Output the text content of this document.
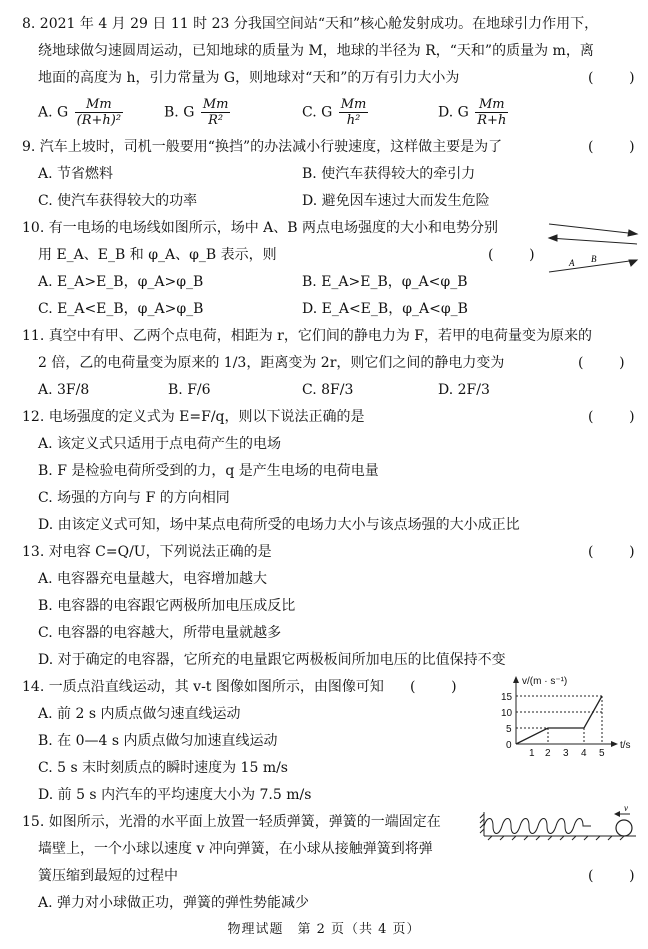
8. 2021 年 4 月 29 日 11 时 23 分我国空间站“天和”核心舱发射成功。在地球引力作用下，
绕地球做匀速圆周运动，已知地球的质量为 M，地球的半径为 R，“天和”的质量为 m，离
地面的高度为 h，引力常量为 G，则地球对“天和”的万有引力大小为	(        )
A. G $\frac{Mm}{\text{(R+h)²}}$	B. G $\frac{Mm}{\text{R²}}$	C. G $\frac{Mm}{\text{h²}}$	D. G $\frac{Mm}{R+h}$
9. 汽车上坡时，司机一般要用“换挡”的办法减小行驶速度，这样做主要是为了	(        )
A. 节省燃料	B. 使汽车获得较大的牵引力
C. 使汽车获得较大的功率	D. 避免因车速过大而发生危险
10. 有一电场的电场线如图所示，场中 A、B 两点电场强度的大小和电势分别
用 E_A、E_B 和 φ_A、φ_B 表示，则	(        )
A. E_A>E_B，φ_A>φ_B	B. E_A>E_B，φ_A<φ_B
C. E_A<E_B，φ_A>φ_B	D. E_A<E_B，φ_A<φ_B
A B
11. 真空中有甲、乙两个点电荷，相距为 r，它们间的静电力为 F，若甲的电荷量变为原来的
2 倍，乙的电荷量变为原来的 1/3，距离变为 2r，则它们之间的静电力变为	(        )
A. 3F/8	B. F/6	C. 8F/3	D. 2F/3
12. 电场强度的定义式为 E=F/q，则以下说法正确的是	(        )
A. 该定义式只适用于点电荷产生的电场
B. F 是检验电荷所受到的力，q 是产生电场的电荷电量
C. 场强的方向与 F 的方向相同
D. 由该定义式可知，场中某点电荷所受的电场力大小与该点场强的大小成正比
13. 对电容 C=Q/U，下列说法正确的是	(        )
A. 电容器充电量越大，电容增加越大
B. 电容器的电容跟它两极所加电压成反比
C. 电容器的电容越大，所带电量就越多
D. 对于确定的电容器，它所充的电量跟它两极板间所加电压的比值保持不变
14. 一质点沿直线运动，其 v-t 图像如图所示，由图像可知 (        )
A. 前 2 s 内质点做匀速直线运动
B. 在 0—4 s 内质点做匀加速直线运动
C. 5 s 末时刻质点的瞬时速度为 15 m/s
D. 前 5 s 内汽车的平均速度大小为 7.5 m/s
v/(m · s⁻¹)
t/s
15
10
5
0
1 2 3 4 5
15. 如图所示，光滑的水平面上放置一轻质弹簧，弹簧的一端固定在
墙壁上，一个小球以速度 v 冲向弹簧，在小球从接触弹簧到将弹
簧压缩到最短的过程中	(        )
A. 弹力对小球做正功，弹簧的弹性势能减少
v
物理试题　第 2 页（共 4 页）
